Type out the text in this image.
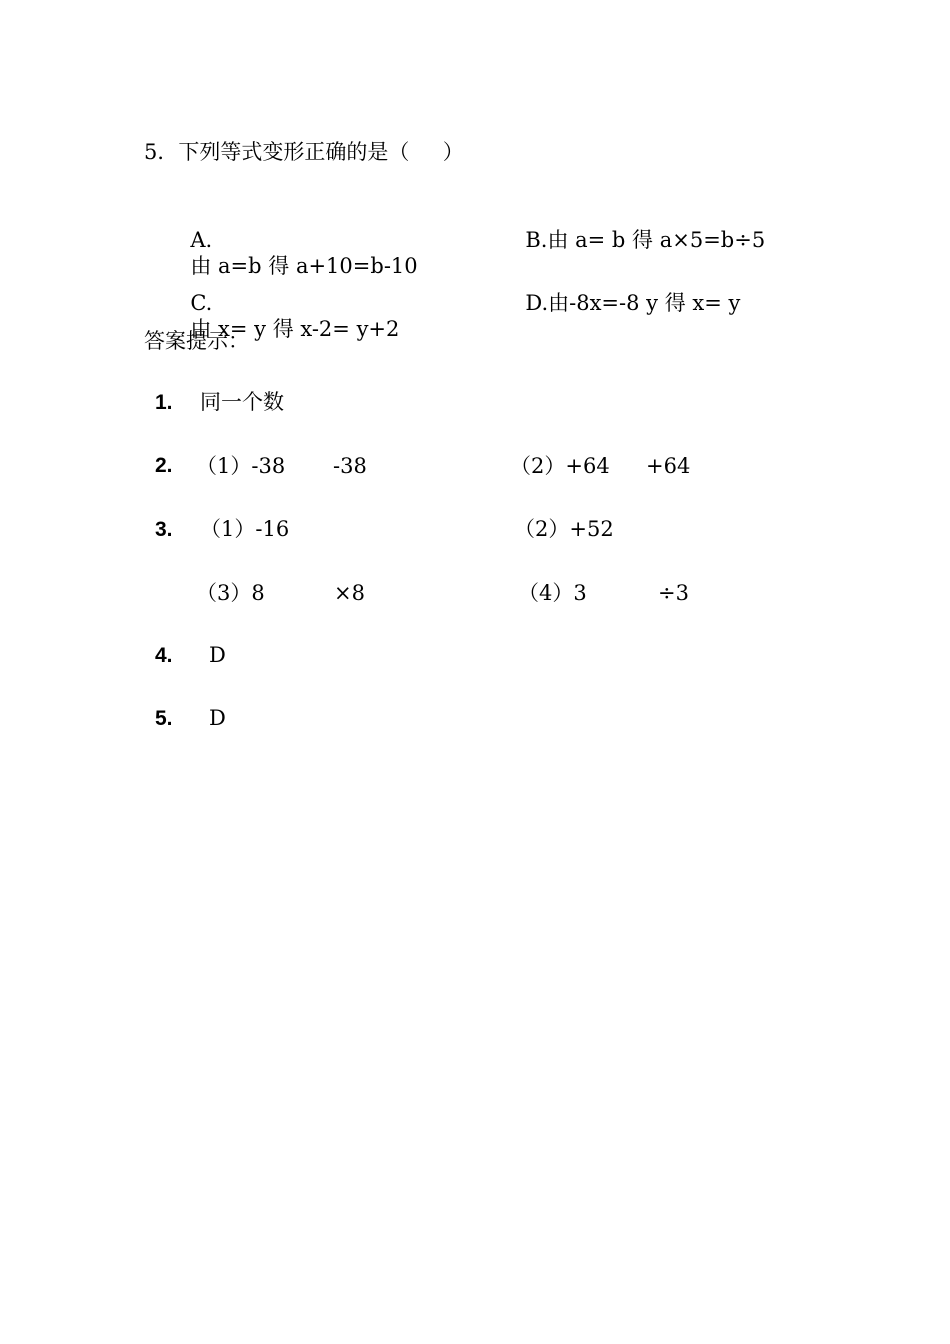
5．下列等式变形正确的是（     ）

A.
由 a=b 得 a+10=b-10

B.由 a= b 得 a×5=b÷5

C.
由 x= y 得 x-2= y+2

D.由-8x=-8 y 得 x= y

答案提示：
1. 同一个数
2. （1）-38 -38	（2）+64 +64
3. （1）-16	（2）+52
（3）8	×8	（4）3	÷3
4. D
5. D
